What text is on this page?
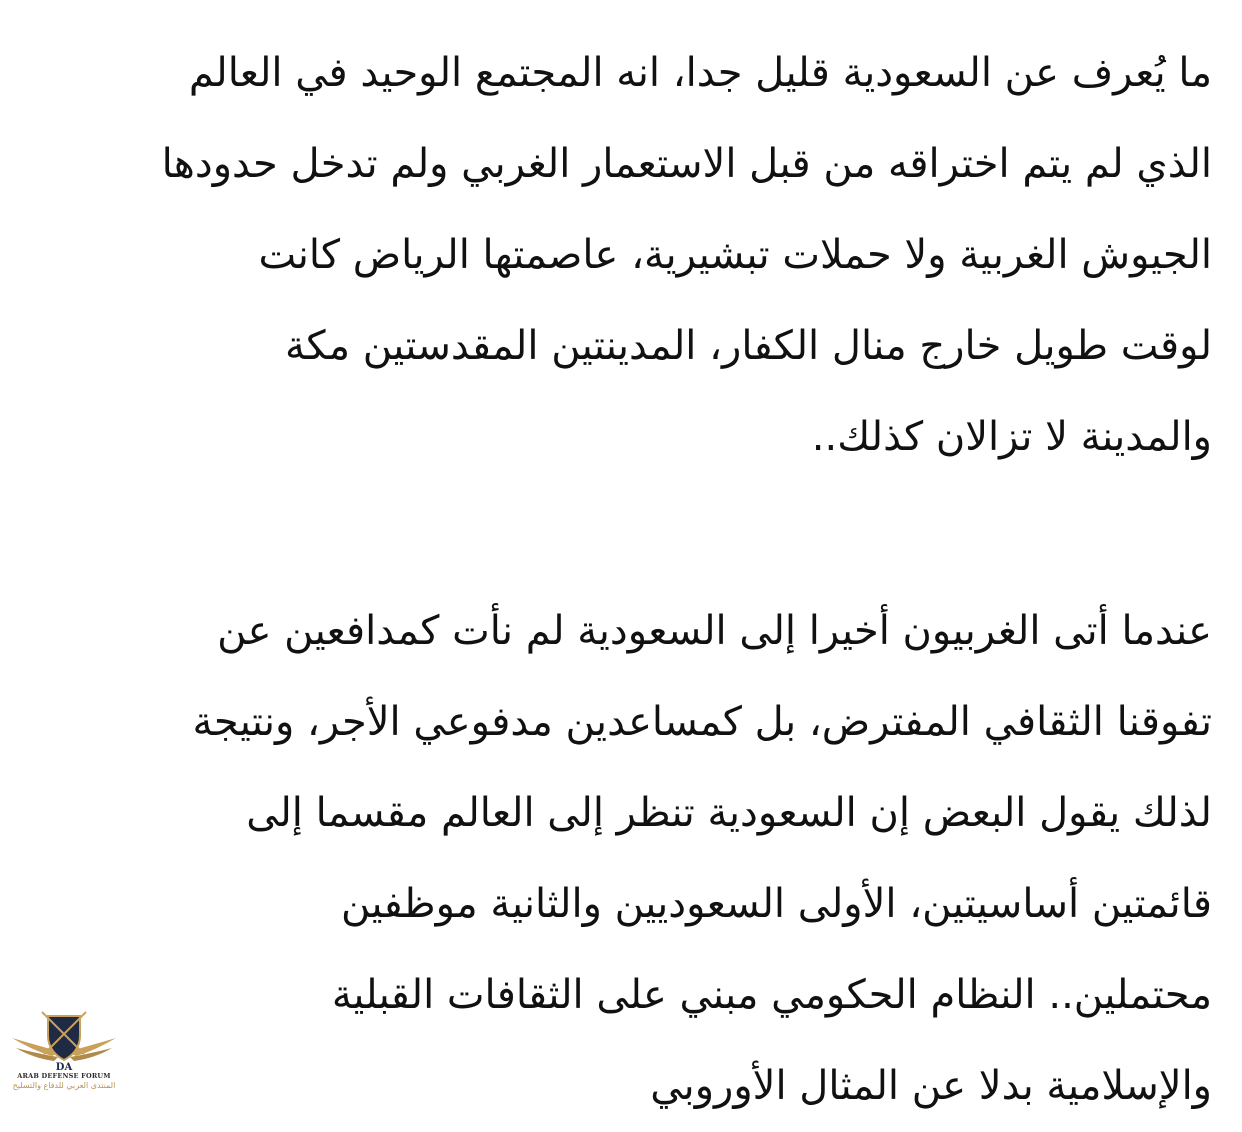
ما يُعرف عن السعودية قليل جدا، انه المجتمع الوحيد في العالم
الذي لم يتم اختراقه من قبل الاستعمار الغربي ولم تدخل حدودها
الجيوش الغربية ولا حملات تبشيرية، عاصمتها الرياض كانت
لوقت طويل خارج منال الكفار، المدينتين المقدستين مكة
والمدينة لا تزالان كذلك..
عندما أتى الغربيون أخيرا إلى السعودية لم نأت كمدافعين عن
تفوقنا الثقافي المفترض، بل كمساعدين مدفوعي الأجر، ونتيجة
لذلك يقول البعض إن السعودية تنظر إلى العالم مقسما إلى
قائمتين أساسيتين، الأولى السعوديين والثانية موظفين
محتملين.. النظام الحكومي مبني على الثقافات القبلية
والإسلامية بدلا عن المثال الأوروبي
DA
ARAB DEFENSE FORUM
المنتدى العربي للدفاع والتسليح
